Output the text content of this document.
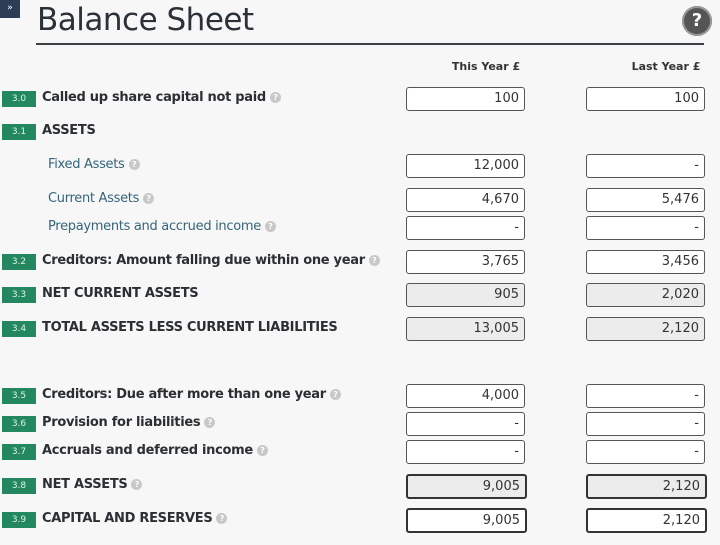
» Balance Sheet	?
This Year £	Last Year £
3.0	Called up share capital not paid ?	100	100
3.1	ASSETS
Fixed Assets ?	12,000	-
Current Assets ?	4,670	5,476
Prepayments and accrued income ?	-	-
3.2	Creditors: Amount falling due within one year ?	3,765	3,456
3.3	NET CURRENT ASSETS	905	2,020
3.4	TOTAL ASSETS LESS CURRENT LIABILITIES	13,005	2,120
3.5	Creditors: Due after more than one year ?	4,000	-
3.6	Provision for liabilities ?	-	-
3.7	Accruals and deferred income ?	-	-
3.8	NET ASSETS ?	9,005	2,120
3.9	CAPITAL AND RESERVES ?	9,005	2,120
